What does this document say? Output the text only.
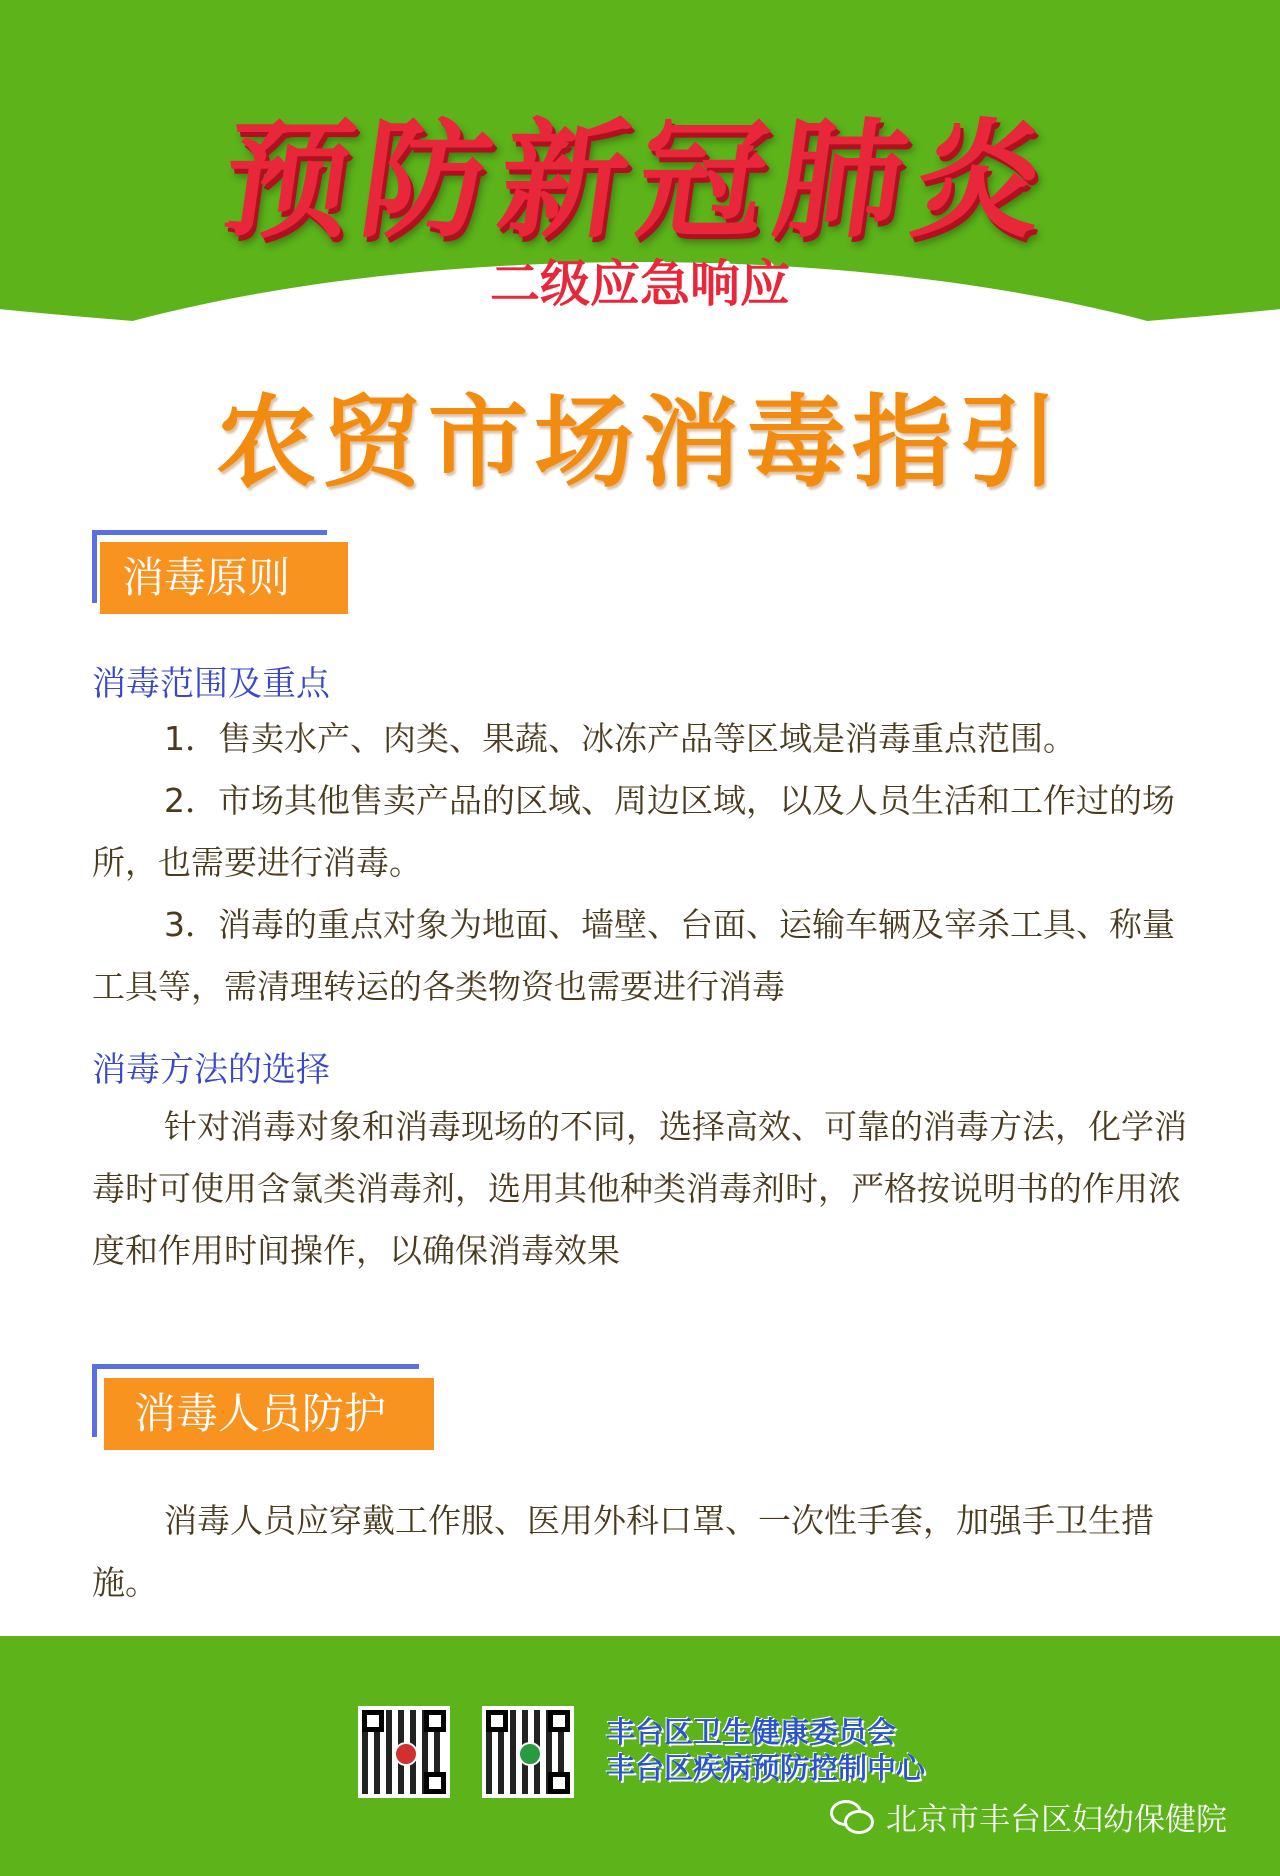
预防新冠肺炎
二级应急响应
农贸市场消毒指引
消毒原则
消毒范围及重点
1．售卖水产、肉类、果蔬、冰冻产品等区域是消毒重点范围。
2．市场其他售卖产品的区域、周边区域，以及人员生活和工作过的场所，也需要进行消毒。
3．消毒的重点对象为地面、墙壁、台面、运输车辆及宰杀工具、称量工具等，需清理转运的各类物资也需要进行消毒
消毒方法的选择
针对消毒对象和消毒现场的不同，选择高效、可靠的消毒方法，化学消毒时可使用含氯类消毒剂，选用其他种类消毒剂时，严格按说明书的作用浓度和作用时间操作，以确保消毒效果
消毒人员防护
消毒人员应穿戴工作服、医用外科口罩、一次性手套，加强手卫生措施。
丰台区卫生健康委员会
丰台区疾病预防控制中心
北京市丰台区妇幼保健院
